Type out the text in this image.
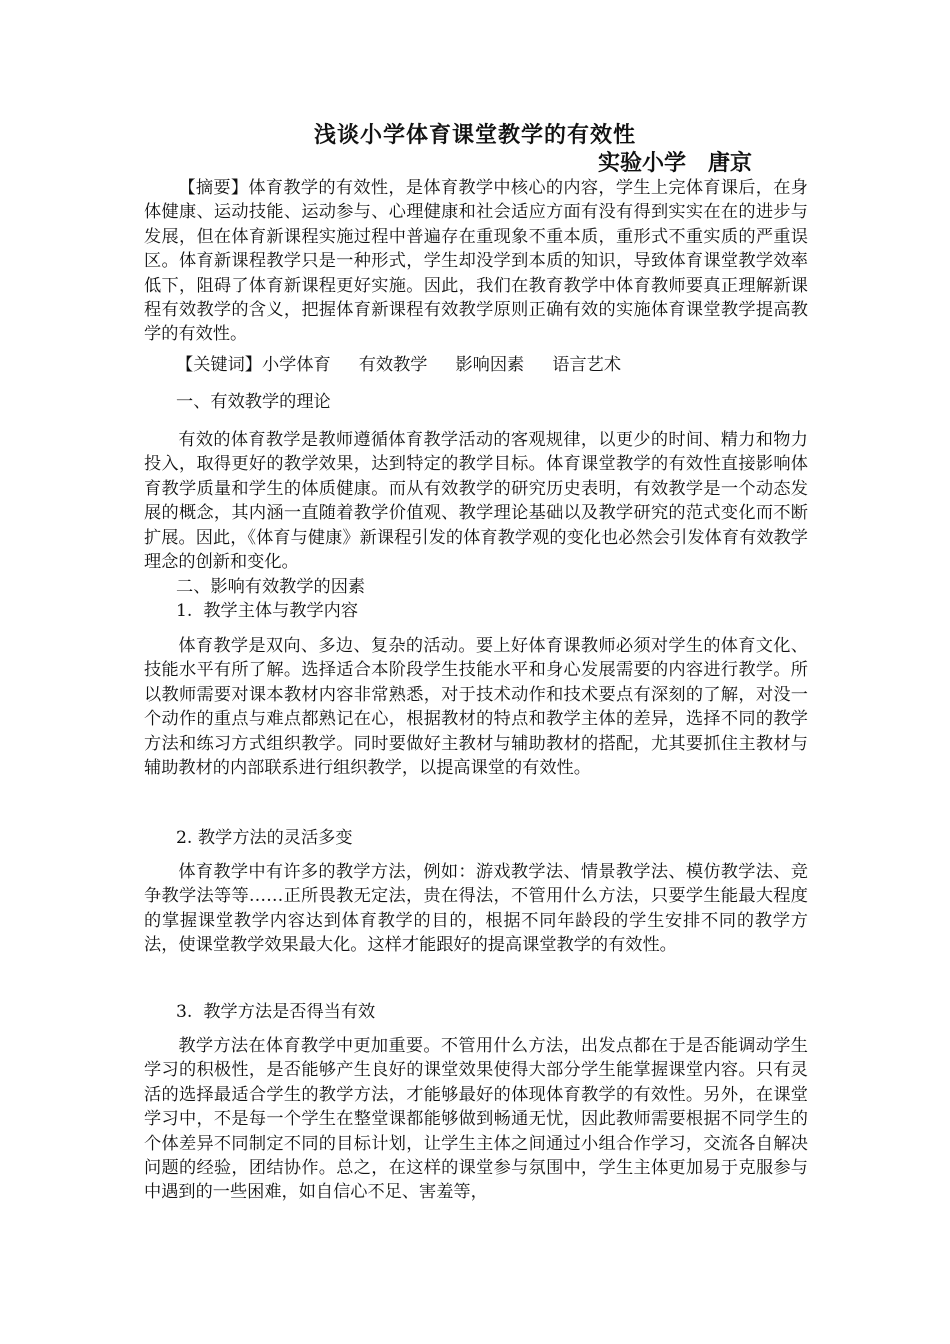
浅谈小学体育课堂教学的有效性
实验小学　唐京

【摘要】体育教学的有效性，是体育教学中核心的内容，学生上完体育课后，在身体健康、运动技能、运动参与、心理健康和社会适应方面有没有得到实实在在的进步与发展，但在体育新课程实施过程中普遍存在重现象不重本质，重形式不重实质的严重误区。体育新课程教学只是一种形式，学生却没学到本质的知识，导致体育课堂教学效率低下，阻碍了体育新课程更好实施。因此，我们在教育教学中体育教师要真正理解新课程有效教学的含义，把握体育新课程有效教学原则正确有效的实施体育课堂教学提高教学的有效性。

【关键词】小学体育 有效教学 影响因素 语言艺术

一、有效教学的理论

有效的体育教学是教师遵循体育教学活动的客观规律，以更少的时间、精力和物力投入，取得更好的教学效果，达到特定的教学目标。体育课堂教学的有效性直接影响体育教学质量和学生的体质健康。而从有效教学的研究历史表明，有效教学是一个动态发展的概念，其内涵一直随着教学价值观、教学理论基础以及教学研究的范式变化而不断扩展。因此，《体育与健康》新课程引发的体育教学观的变化也必然会引发体育有效教学理念的创新和变化。

二、影响有效教学的因素

1.  教学主体与教学内容

体育教学是双向、多边、复杂的活动。要上好体育课教师必须对学生的体育文化、技能水平有所了解。选择适合本阶段学生技能水平和身心发展需要的内容进行教学。所以教师需要对课本教材内容非常熟悉，对于技术动作和技术要点有深刻的了解，对没一个动作的重点与难点都熟记在心，根据教材的特点和教学主体的差异，选择不同的教学方法和练习方式组织教学。同时要做好主教材与辅助教材的搭配，尤其要抓住主教材与辅助教材的内部联系进行组织教学，以提高课堂的有效性。

2. 教学方法的灵活多变

体育教学中有许多的教学方法，例如：游戏教学法、情景教学法、模仿教学法、竞争教学法等等……正所畏教无定法，贵在得法，不管用什么方法，只要学生能最大程度的掌握课堂教学内容达到体育教学的目的，根据不同年龄段的学生安排不同的教学方法，使课堂教学效果最大化。这样才能跟好的提高课堂教学的有效性。

3.  教学方法是否得当有效

教学方法在体育教学中更加重要。不管用什么方法，出发点都在于是否能调动学生学习的积极性，是否能够产生良好的课堂效果使得大部分学生能掌握课堂内容。只有灵活的选择最适合学生的教学方法，才能够最好的体现体育教学的有效性。另外，在课堂学习中，不是每一个学生在整堂课都能够做到畅通无忧，因此教师需要根据不同学生的个体差异不同制定不同的目标计划，让学生主体之间通过小组合作学习，交流各自解决问题的经验，团结协作。总之，在这样的课堂参与氛围中，学生主体更加易于克服参与中遇到的一些困难，如自信心不足、害羞等，
